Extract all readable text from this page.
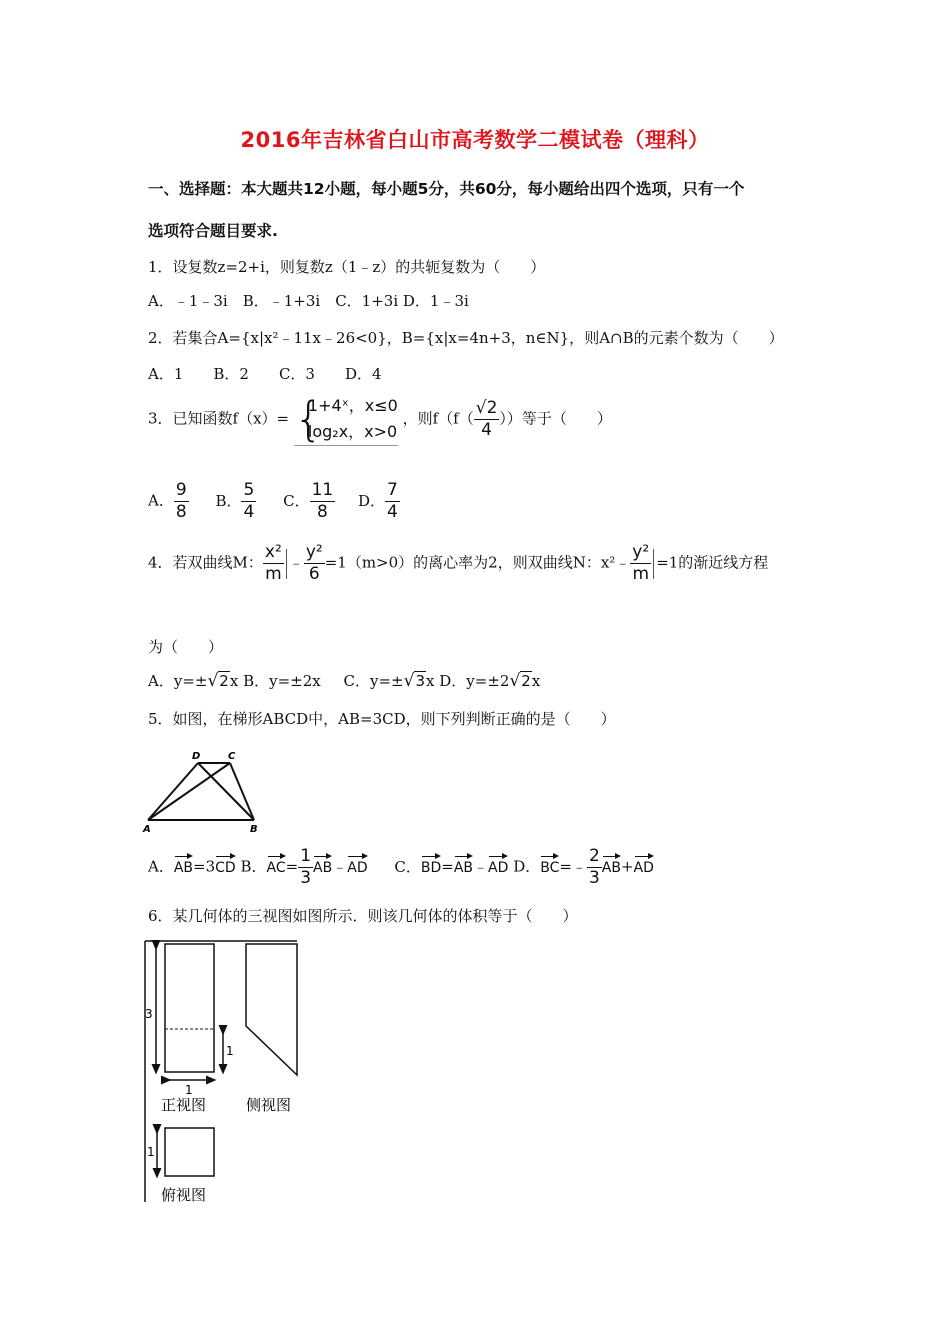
2016年吉林省白山市高考数学二模试卷（理科）
一、选择题：本大题共12小题，每小题5分，共60分，每小题给出四个选项，只有一个
选项符合题目要求.
1．设复数z=2+i，则复数z（1﹣z）的共轭复数为（　　）
A．﹣1﹣3i　B．﹣1+3i　C．1+3i D．1﹣3i
2．若集合A={x|x²﹣11x﹣26<0}，B={x|x=4n+3，n∈N}，则A∩B的元素个数为（　　）
A．1　　B．2　　C．3　　D．4
3．已知函数f（x）= {
1+4ˣ，x≤0
log₂x，x>0
，则$f(f( \frac{√2}{4}$ ））等于（　　）
A． $\frac{9}{8}$ B． $\frac{5}{4}$ C． $\frac{11}{8}$ D． $\frac{7}{4}$
4．若双曲线M： $\frac{\text{x²}}{m}$ ﹣ $\frac{\text{y²}}{6} =1(m>0)$的离心率为2，则双曲线N：x²﹣ $\frac{\text{y²}}{m} =1$的渐近线方程
为（　　）
A．y=±√2x B．y=±2x C．y=±√3x D．y=±2√2x
5．如图，在梯形ABCD中，AB=3CD，则下列判断正确的是（　　）
D	C
A	B
A．AB=3CD B．$AC= \frac{1}{3}$ AB﹣AD C．BD=AB﹣AD D．BC=﹣ $\frac{2}{3} AB+AD$
6．某几何体的三视图如图所示．则该几何体的体积等于（　　）
3
1
1
正视图	侧视图
1
俯视图
